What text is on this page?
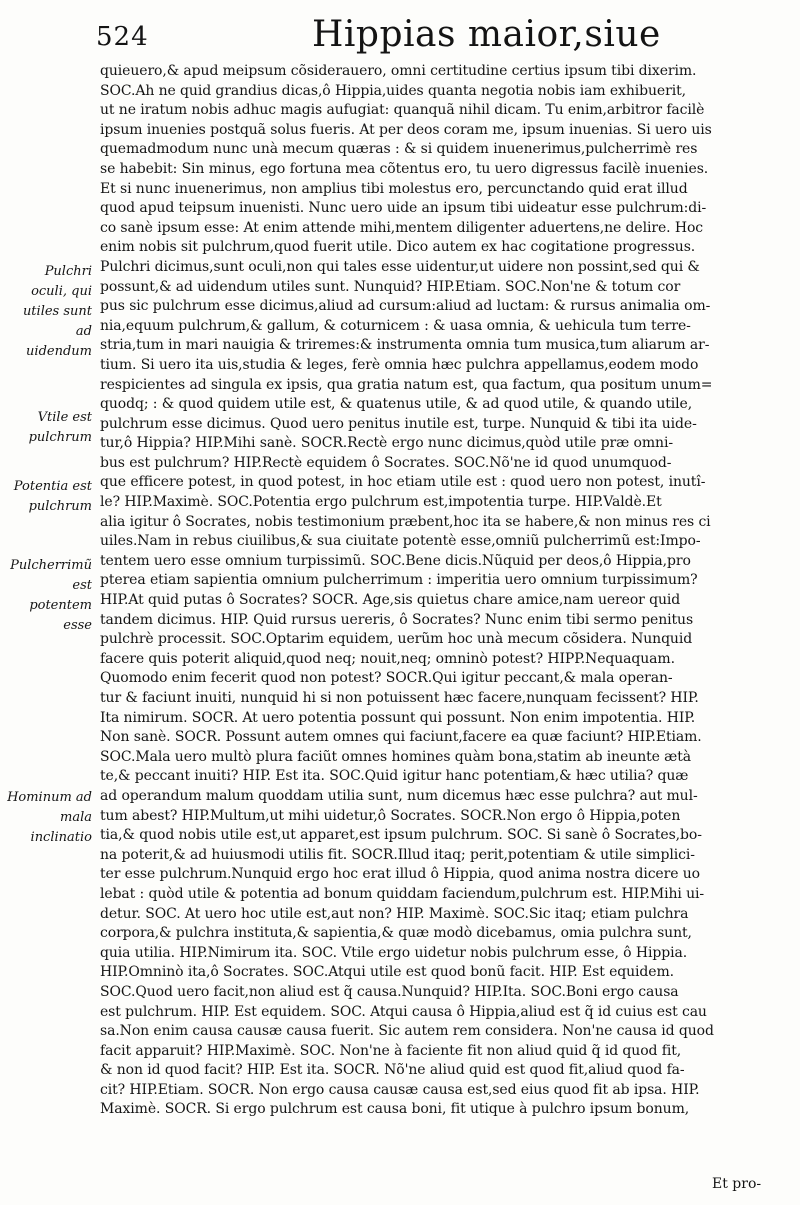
524	Hippias maior,siue
Pulchri oculi, qui utiles sunt ad uidendum
Vtile est pulchrum
Potentia est pulchrum
Pulcherrimũ est potentem esse
Hominum ad mala inclinatio
quieuero,& apud meipsum cõsiderauero, omni certitudine certius ipsum tibi dixerim.
SOC.Ah ne quid grandius dicas,ô Hippia,uides quanta negotia nobis iam exhibuerit,
ut ne iratum nobis adhuc magis aufugiat: quanquã nihil dicam. Tu enim,arbitror facilè
ipsum inuenies postquã solus fueris. At per deos coram me, ipsum inuenias. Si uero uis
quemadmodum nunc unà mecum quæras : & si quidem inuenerimus,pulcherrimè res
se habebit: Sin minus, ego fortuna mea cõtentus ero, tu uero digressus facilè inuenies.
Et si nunc inuenerimus, non amplius tibi molestus ero, percunctando quid erat illud
quod apud teipsum inuenisti. Nunc uero uide an ipsum tibi uideatur esse pulchrum:di-
co sanè ipsum esse: At enim attende mihi,mentem diligenter aduertens,ne delire. Hoc
enim nobis sit pulchrum,quod fuerit utile. Dico autem ex hac cogitatione progressus.
Pulchri dicimus,sunt oculi,non qui tales esse uidentur,ut uidere non possint,sed qui &
possunt,& ad uidendum utiles sunt. Nunquid? HIP.Etiam. SOC.Non'ne & totum cor
pus sic pulchrum esse dicimus,aliud ad cursum:aliud ad luctam: & rursus animalia om-
nia,equum pulchrum,& gallum, & coturnicem : & uasa omnia, & uehicula tum terre-
stria,tum in mari nauigia & triremes:& instrumenta omnia tum musica,tum aliarum ar-
tium. Si uero ita uis,studia & leges, ferè omnia hæc pulchra appellamus,eodem modo
respicientes ad singula ex ipsis, qua gratia natum est, qua factum, qua positum unum=
quodq; : & quod quidem utile est, & quatenus utile, & ad quod utile, & quando utile,
pulchrum esse dicimus. Quod uero penitus inutile est, turpe. Nunquid & tibi ita uide-
tur,ô Hippia? HIP.Mihi sanè. SOCR.Rectè ergo nunc dicimus,quòd utile præ omni-
bus est pulchrum? HIP.Rectè equidem ô Socrates. SOC.Nõ'ne id quod unumquod-
que efficere potest, in quod potest, in hoc etiam utile est : quod uero non potest, inutî-
le? HIP.Maximè. SOC.Potentia ergo pulchrum est,impotentia turpe. HIP.Valdè.Et
alia igitur ô Socrates, nobis testimonium præbent,hoc ita se habere,& non minus res ci
uiles.Nam in rebus ciuilibus,& sua ciuitate potentè esse,omniũ pulcherrimũ est:Impo-
tentem uero esse omnium turpissimũ. SOC.Bene dicis.Nũquid per deos,ô Hippia,pro
pterea etiam sapientia omnium pulcherrimum : imperitia uero omnium turpissimum?
HIP.At quid putas ô Socrates? SOCR. Age,sis quietus chare amice,nam uereor quid
tandem dicimus. HIP. Quid rursus uereris, ô Socrates? Nunc enim tibi sermo penitus
pulchrè processit. SOC.Optarim equidem, uerũm hoc unà mecum cõsidera. Nunquid
facere quis poterit aliquid,quod neq; nouit,neq; omninò potest? HIPP.Nequaquam.
Quomodo enim fecerit quod non potest? SOCR.Qui igitur peccant,& mala operan-
tur & faciunt inuiti, nunquid hi si non potuissent hæc facere,nunquam fecissent? HIP.
Ita nimirum. SOCR. At uero potentia possunt qui possunt. Non enim impotentia. HIP.
Non sanè. SOCR. Possunt autem omnes qui faciunt,facere ea quæ faciunt? HIP.Etiam.
SOC.Mala uero multò plura faciũt omnes homines quàm bona,statim ab ineunte ætà
te,& peccant inuiti? HIP. Est ita. SOC.Quid igitur hanc potentiam,& hæc utilia? quæ
ad operandum malum quoddam utilia sunt, num dicemus hæc esse pulchra? aut mul-
tum abest? HIP.Multum,ut mihi uidetur,ô Socrates. SOCR.Non ergo ô Hippia,poten
tia,& quod nobis utile est,ut apparet,est ipsum pulchrum. SOC. Si sanè ô Socrates,bo-
na poterit,& ad huiusmodi utilis fit. SOCR.Illud itaq; perit,potentiam & utile simplici-
ter esse pulchrum.Nunquid ergo hoc erat illud ô Hippia, quod anima nostra dicere uo
lebat : quòd utile & potentia ad bonum quiddam faciendum,pulchrum est. HIP.Mihi ui-
detur. SOC. At uero hoc utile est,aut non? HIP. Maximè. SOC.Sic itaq; etiam pulchra
corpora,& pulchra instituta,& sapientia,& quæ modò dicebamus, omia pulchra sunt,
quia utilia. HIP.Nimirum ita. SOC. Vtile ergo uidetur nobis pulchrum esse, ô Hippia.
HIP.Omninò ita,ô Socrates. SOC.Atqui utile est quod bonũ facit. HIP. Est equidem.
SOC.Quod uero facit,non aliud est q̃ causa.Nunquid? HIP.Ita. SOC.Boni ergo causa
est pulchrum. HIP. Est equidem. SOC. Atqui causa ô Hippia,aliud est q̃ id cuius est cau
sa.Non enim causa causæ causa fuerit. Sic autem rem considera. Non'ne causa id quod
facit apparuit? HIP.Maximè. SOC. Non'ne à faciente fit non aliud quid q̃ id quod fit,
& non id quod facit? HIP. Est ita. SOCR. Nõ'ne aliud quid est quod fit,aliud quod fa-
cit? HIP.Etiam. SOCR. Non ergo causa causæ causa est,sed eius quod fit ab ipsa. HIP.
Maximè. SOCR. Si ergo pulchrum est causa boni, fit utique à pulchro ipsum bonum,
Et pro-
